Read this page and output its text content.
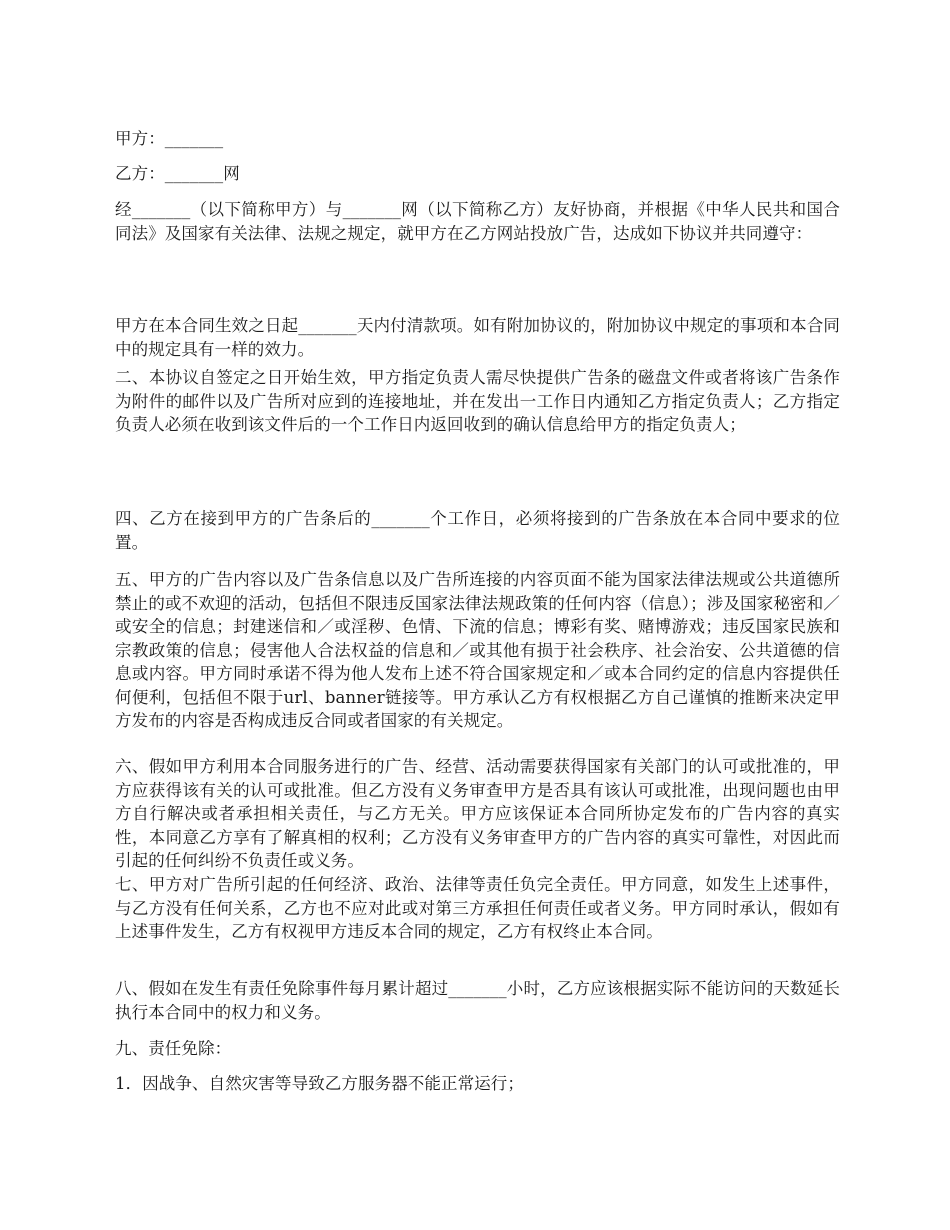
甲方：_______

乙方：_______网

经_______（以下简称甲方）与_______网（以下简称乙方）友好协商，并根据《中华人民共和国合同法》及国家有关法律、法规之规定，就甲方在乙方网站投放广告，达成如下协议并共同遵守：

甲方在本合同生效之日起_______天内付清款项。如有附加协议的，附加协议中规定的事项和本合同中的规定具有一样的效力。

二、本协议自签定之日开始生效，甲方指定负责人需尽快提供广告条的磁盘文件或者将该广告条作为附件的邮件以及广告所对应到的连接地址，并在发出一工作日内通知乙方指定负责人；乙方指定负责人必须在收到该文件后的一个工作日内返回收到的确认信息给甲方的指定负责人；

四、乙方在接到甲方的广告条后的_______个工作日，必须将接到的广告条放在本合同中要求的位置。

五、甲方的广告内容以及广告条信息以及广告所连接的内容页面不能为国家法律法规或公共道德所禁止的或不欢迎的活动，包括但不限违反国家法律法规政策的任何内容（信息）；涉及国家秘密和／或安全的信息；封建迷信和／或淫秽、色情、下流的信息；博彩有奖、赌博游戏；违反国家民族和宗教政策的信息；侵害他人合法权益的信息和／或其他有损于社会秩序、社会治安、公共道德的信息或内容。甲方同时承诺不得为他人发布上述不符合国家规定和／或本合同约定的信息内容提供任何便利，包括但不限于url、banner链接等。甲方承认乙方有权根据乙方自己谨慎的推断来决定甲方发布的内容是否构成违反合同或者国家的有关规定。

六、假如甲方利用本合同服务进行的广告、经营、活动需要获得国家有关部门的认可或批准的，甲方应获得该有关的认可或批准。但乙方没有义务审查甲方是否具有该认可或批准，出现问题也由甲方自行解决或者承担相关责任，与乙方无关。甲方应该保证本合同所协定发布的广告内容的真实性，本同意乙方享有了解真相的权利；乙方没有义务审查甲方的广告内容的真实可靠性，对因此而引起的任何纠纷不负责任或义务。

七、甲方对广告所引起的任何经济、政治、法律等责任负完全责任。甲方同意，如发生上述事件，与乙方没有任何关系，乙方也不应对此或对第三方承担任何责任或者义务。甲方同时承认，假如有上述事件发生，乙方有权视甲方违反本合同的规定，乙方有权终止本合同。

八、假如在发生有责任免除事件每月累计超过_______小时，乙方应该根据实际不能访问的天数延长执行本合同中的权力和义务。

九、责任免除：

1．因战争、自然灾害等导致乙方服务器不能正常运行；
